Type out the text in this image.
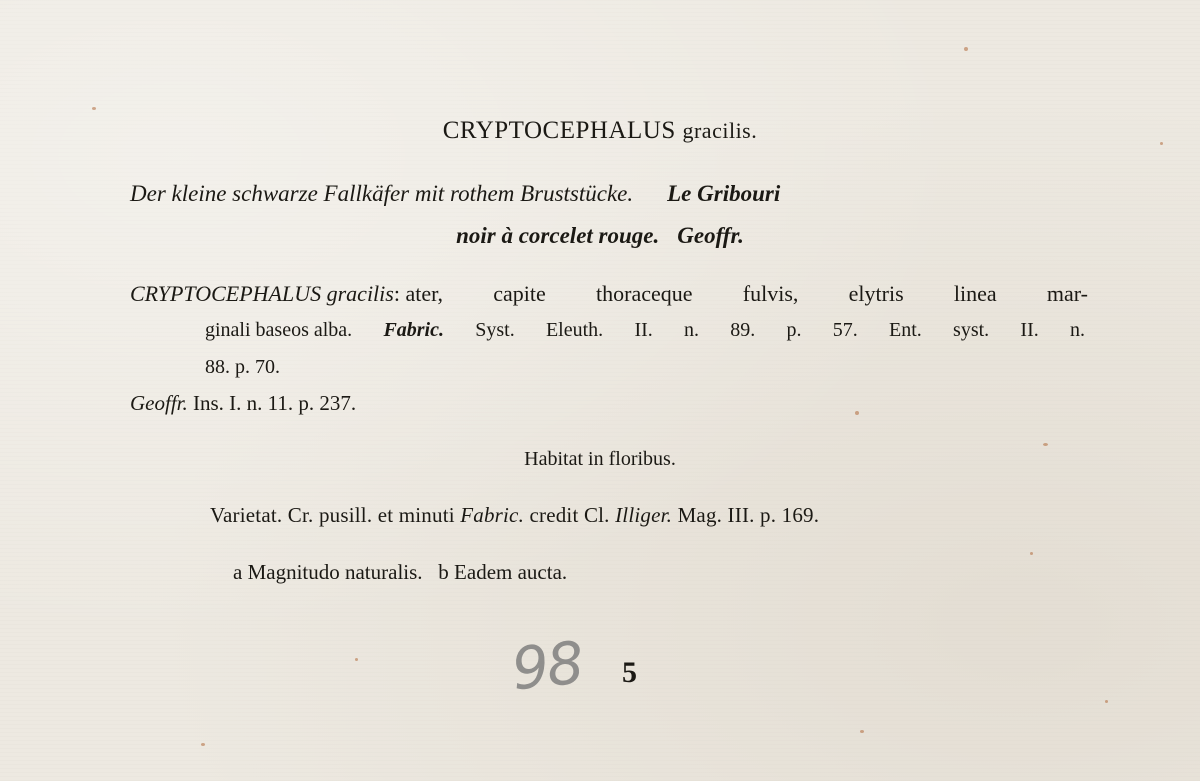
CRYPTOCEPHALUS gracilis.
Der kleine schwarze Fallkäfer mit rothem Bruststücke. Le Gribouri
noir à corcelet rouge. Geoffr.
CRYPTOCEPHALUS gracilis: ater, capite thoraceque fulvis, elytris linea mar-
ginali baseos alba. Fabric. Syst. Eleuth. II. n. 89. p. 57. Ent. syst. II. n.
88. p. 70.
Geoffr. Ins. I. n. 11. p. 237.
Habitat in floribus.
Varietat. Cr. pusill. et minuti Fabric. credit Cl. Illiger. Mag. III. p. 169.
a Magnitudo naturalis. b Eadem aucta.
98 5
